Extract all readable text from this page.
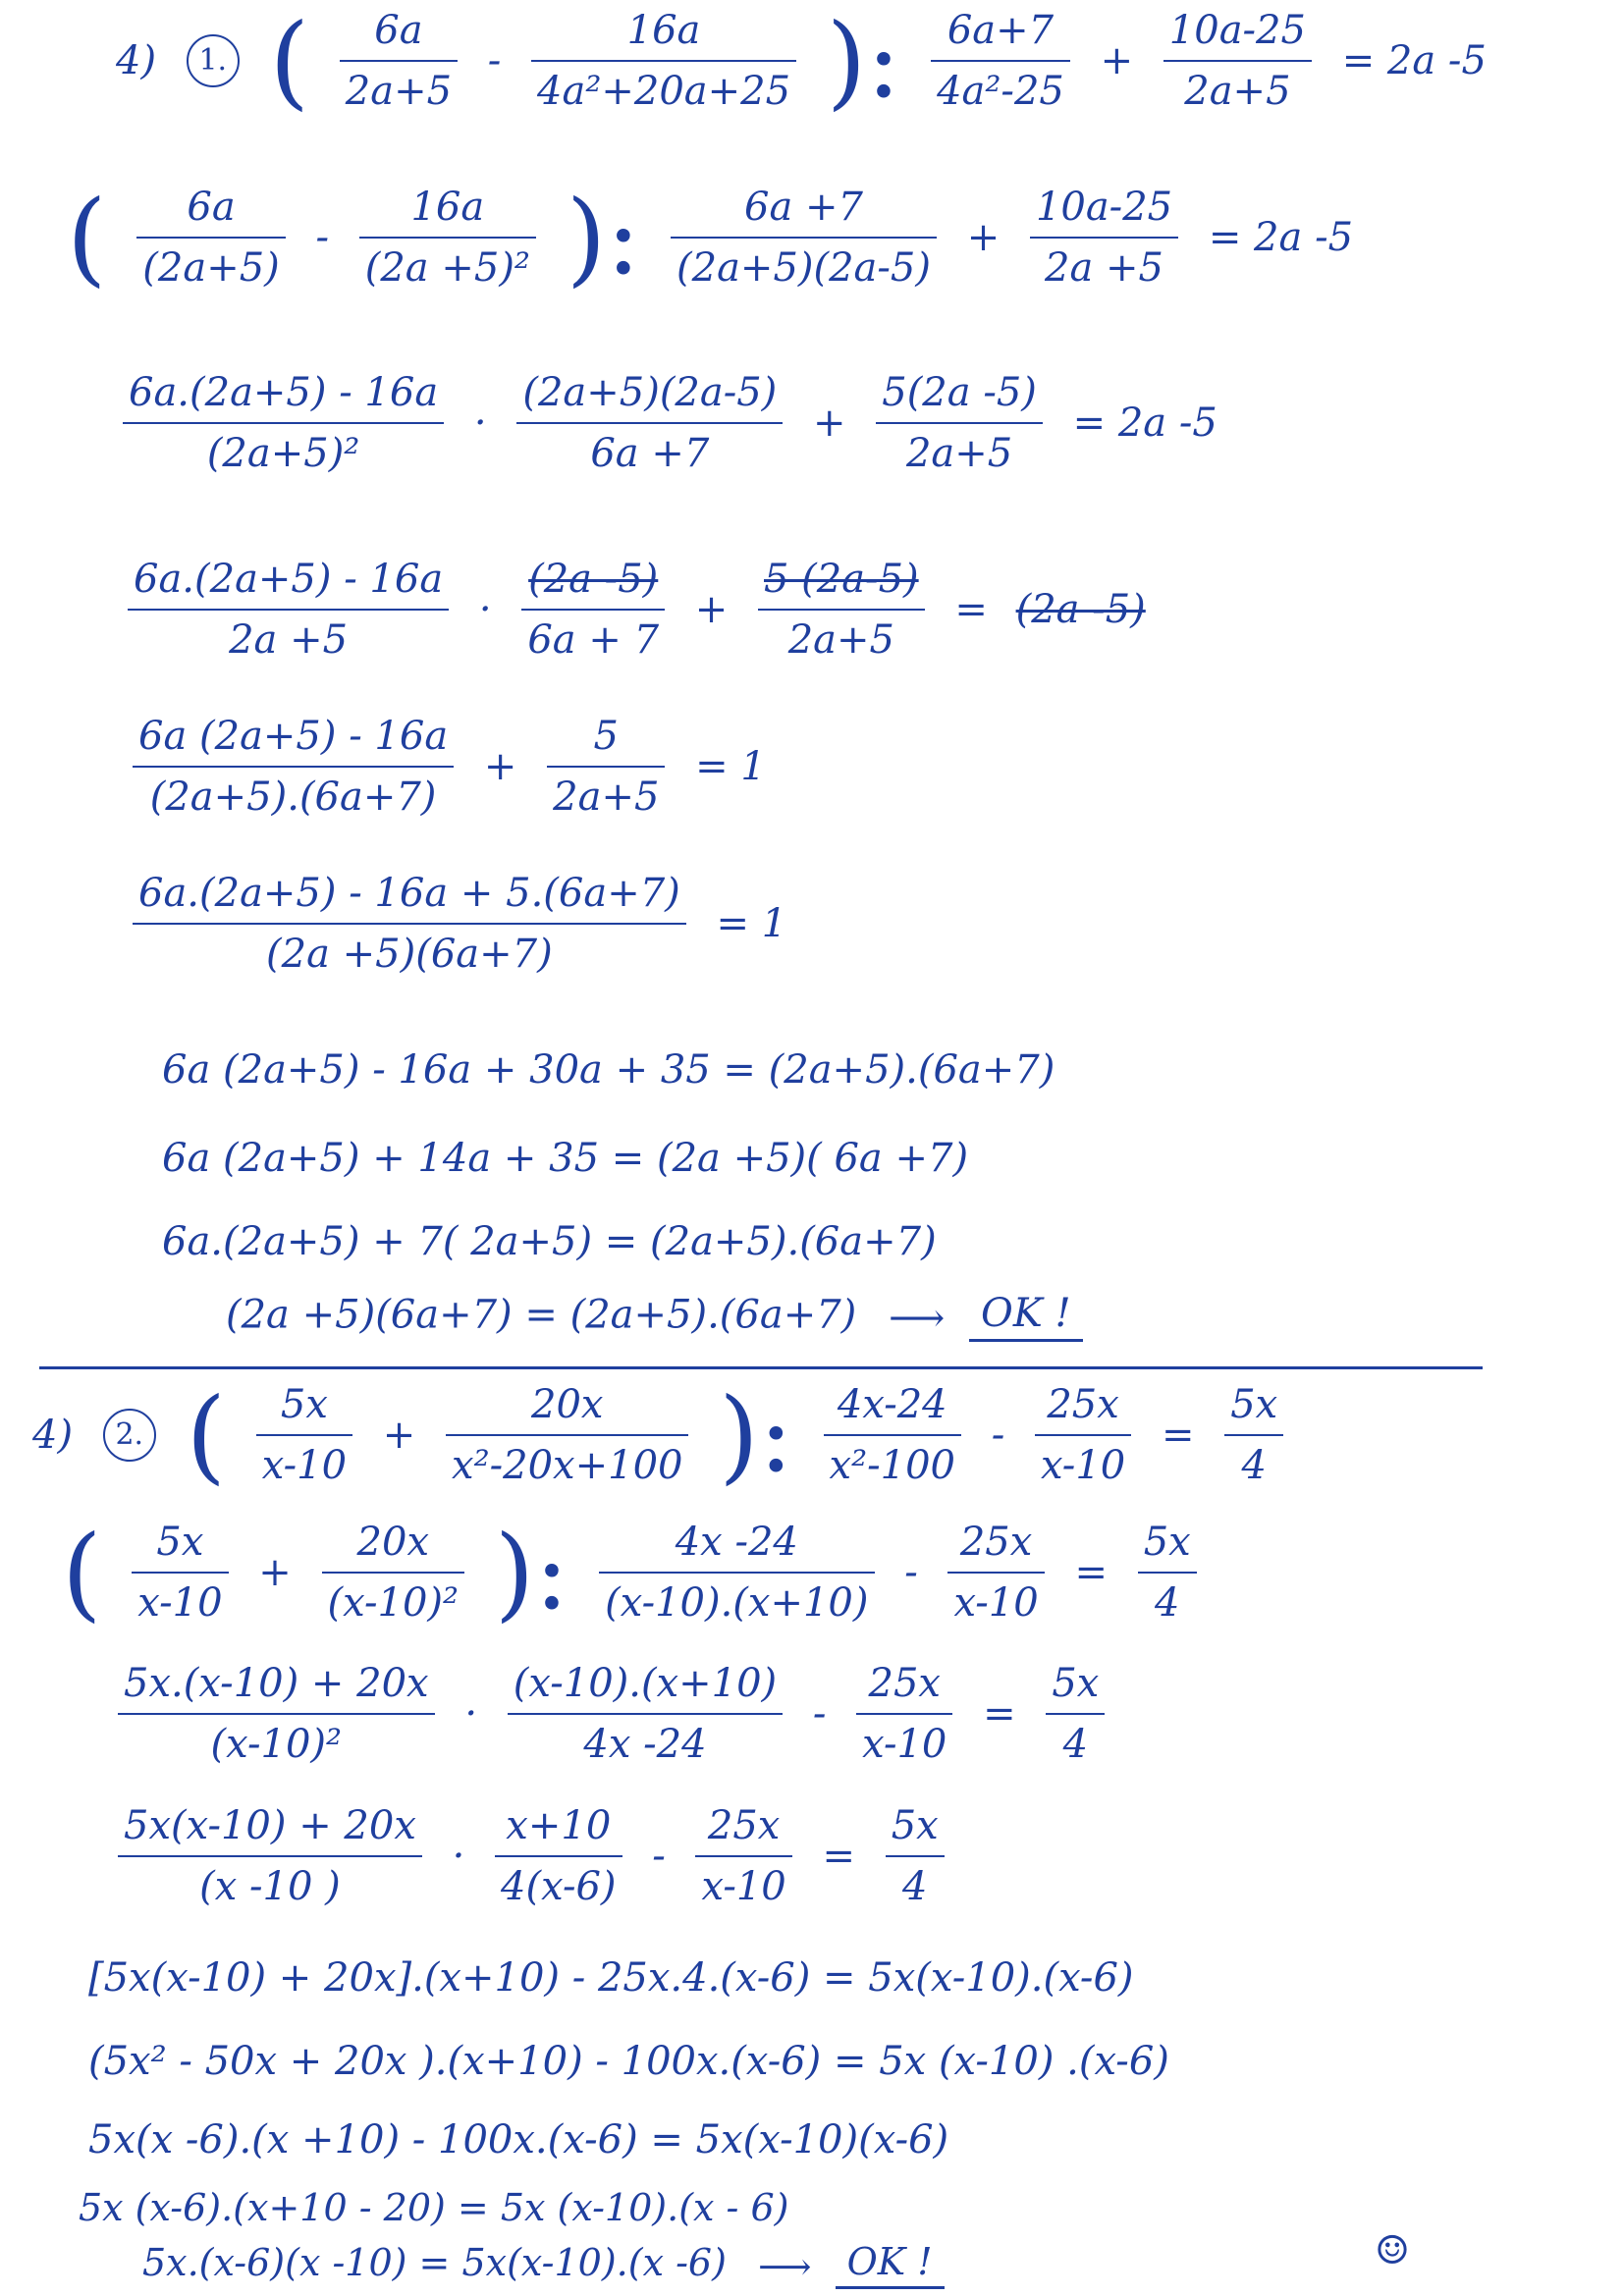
4) 1. ( $\frac{6a}{2a+5} - \frac{16a}{\text{4a²+20a+25}}$ ): $\frac{6a+7}{\text{4a²-25}} + \frac{10a-25}{2a+5} = 2a$ -5
( $\frac{6a}{(2a+5)} - \frac{16a}{\text{(2a +5)²}}$ ): $\frac{6a +7}{(2a+5)(2a-5)} + \frac{10a-25}{2a +5} = 2a$ -5
$\frac{6a.(2a+5) - 16a}{\text{(2a+5)²}} \cdot \frac{(2a+5)(2a-5)}{6a +7} + \frac{5(2a -5)}{2a+5} = 2a$ -5
$\frac{6a.(2a+5) - 16a}{2a +5} \cdot \frac{(2a -5)}{6a + 7} + \frac{5 (2a-5)}{2a+5} = (2a$ -5)
$\frac{6a (2a+5) - 16a}{(2a+5).(6a+7)} + \frac{5}{2a+5} = 1$
$\frac{6a.(2a+5) - 16a + 5.(6a+7)}{(2a +5)(6a+7)} = 1$
6a (2a+5) - 16a + 30a + 35 = (2a+5).(6a+7)
6a (2a+5) + 14a + 35 = (2a +5)( 6a +7)
6a.(2a+5) + 7( 2a+5) = (2a+5).(6a+7)
(2a +5)(6a+7) = (2a+5).(6a+7) ⟶ OK !
4) 2. ( $\frac{5x}{x-10} + \frac{20x}{\text{x²-20x+100}}$ ): $\frac{4x-24}{\text{x²-100}} - \frac{25x}{x-10} = \frac{5x}{4}$
( $\frac{5x}{x-10} + \frac{20x}{\text{(x-10)²}}$ ): $\frac{4x -24}{(x-10).(x+10)} - \frac{25x}{x-10} = \frac{5x}{4}$
$\frac{5x.(x-10) + 20x}{\text{(x-10)²}} \cdot \frac{(x-10).(x+10)}{4x -24} - \frac{25x}{x-10} = \frac{5x}{4}$
$\frac{5x(x-10) + 20x}{(x -10 )} \cdot \frac{x+10}{4(x-6)} - \frac{25x}{x-10} = \frac{5x}{4}$
[5x(x-10) + 20x].(x+10) - 25x.4.(x-6) = 5x(x-10).(x-6)
(5x² - 50x + 20x ).(x+10) - 100x.(x-6) = 5x (x-10) .(x-6)
5x(x -6).(x +10) - 100x.(x-6) = 5x(x-10)(x-6)
5x (x-6).(x+10 - 20) = 5x (x-10).(x - 6)
5x.(x-6)(x -10) = 5x(x-10).(x -6) ⟶ OK !	☺
